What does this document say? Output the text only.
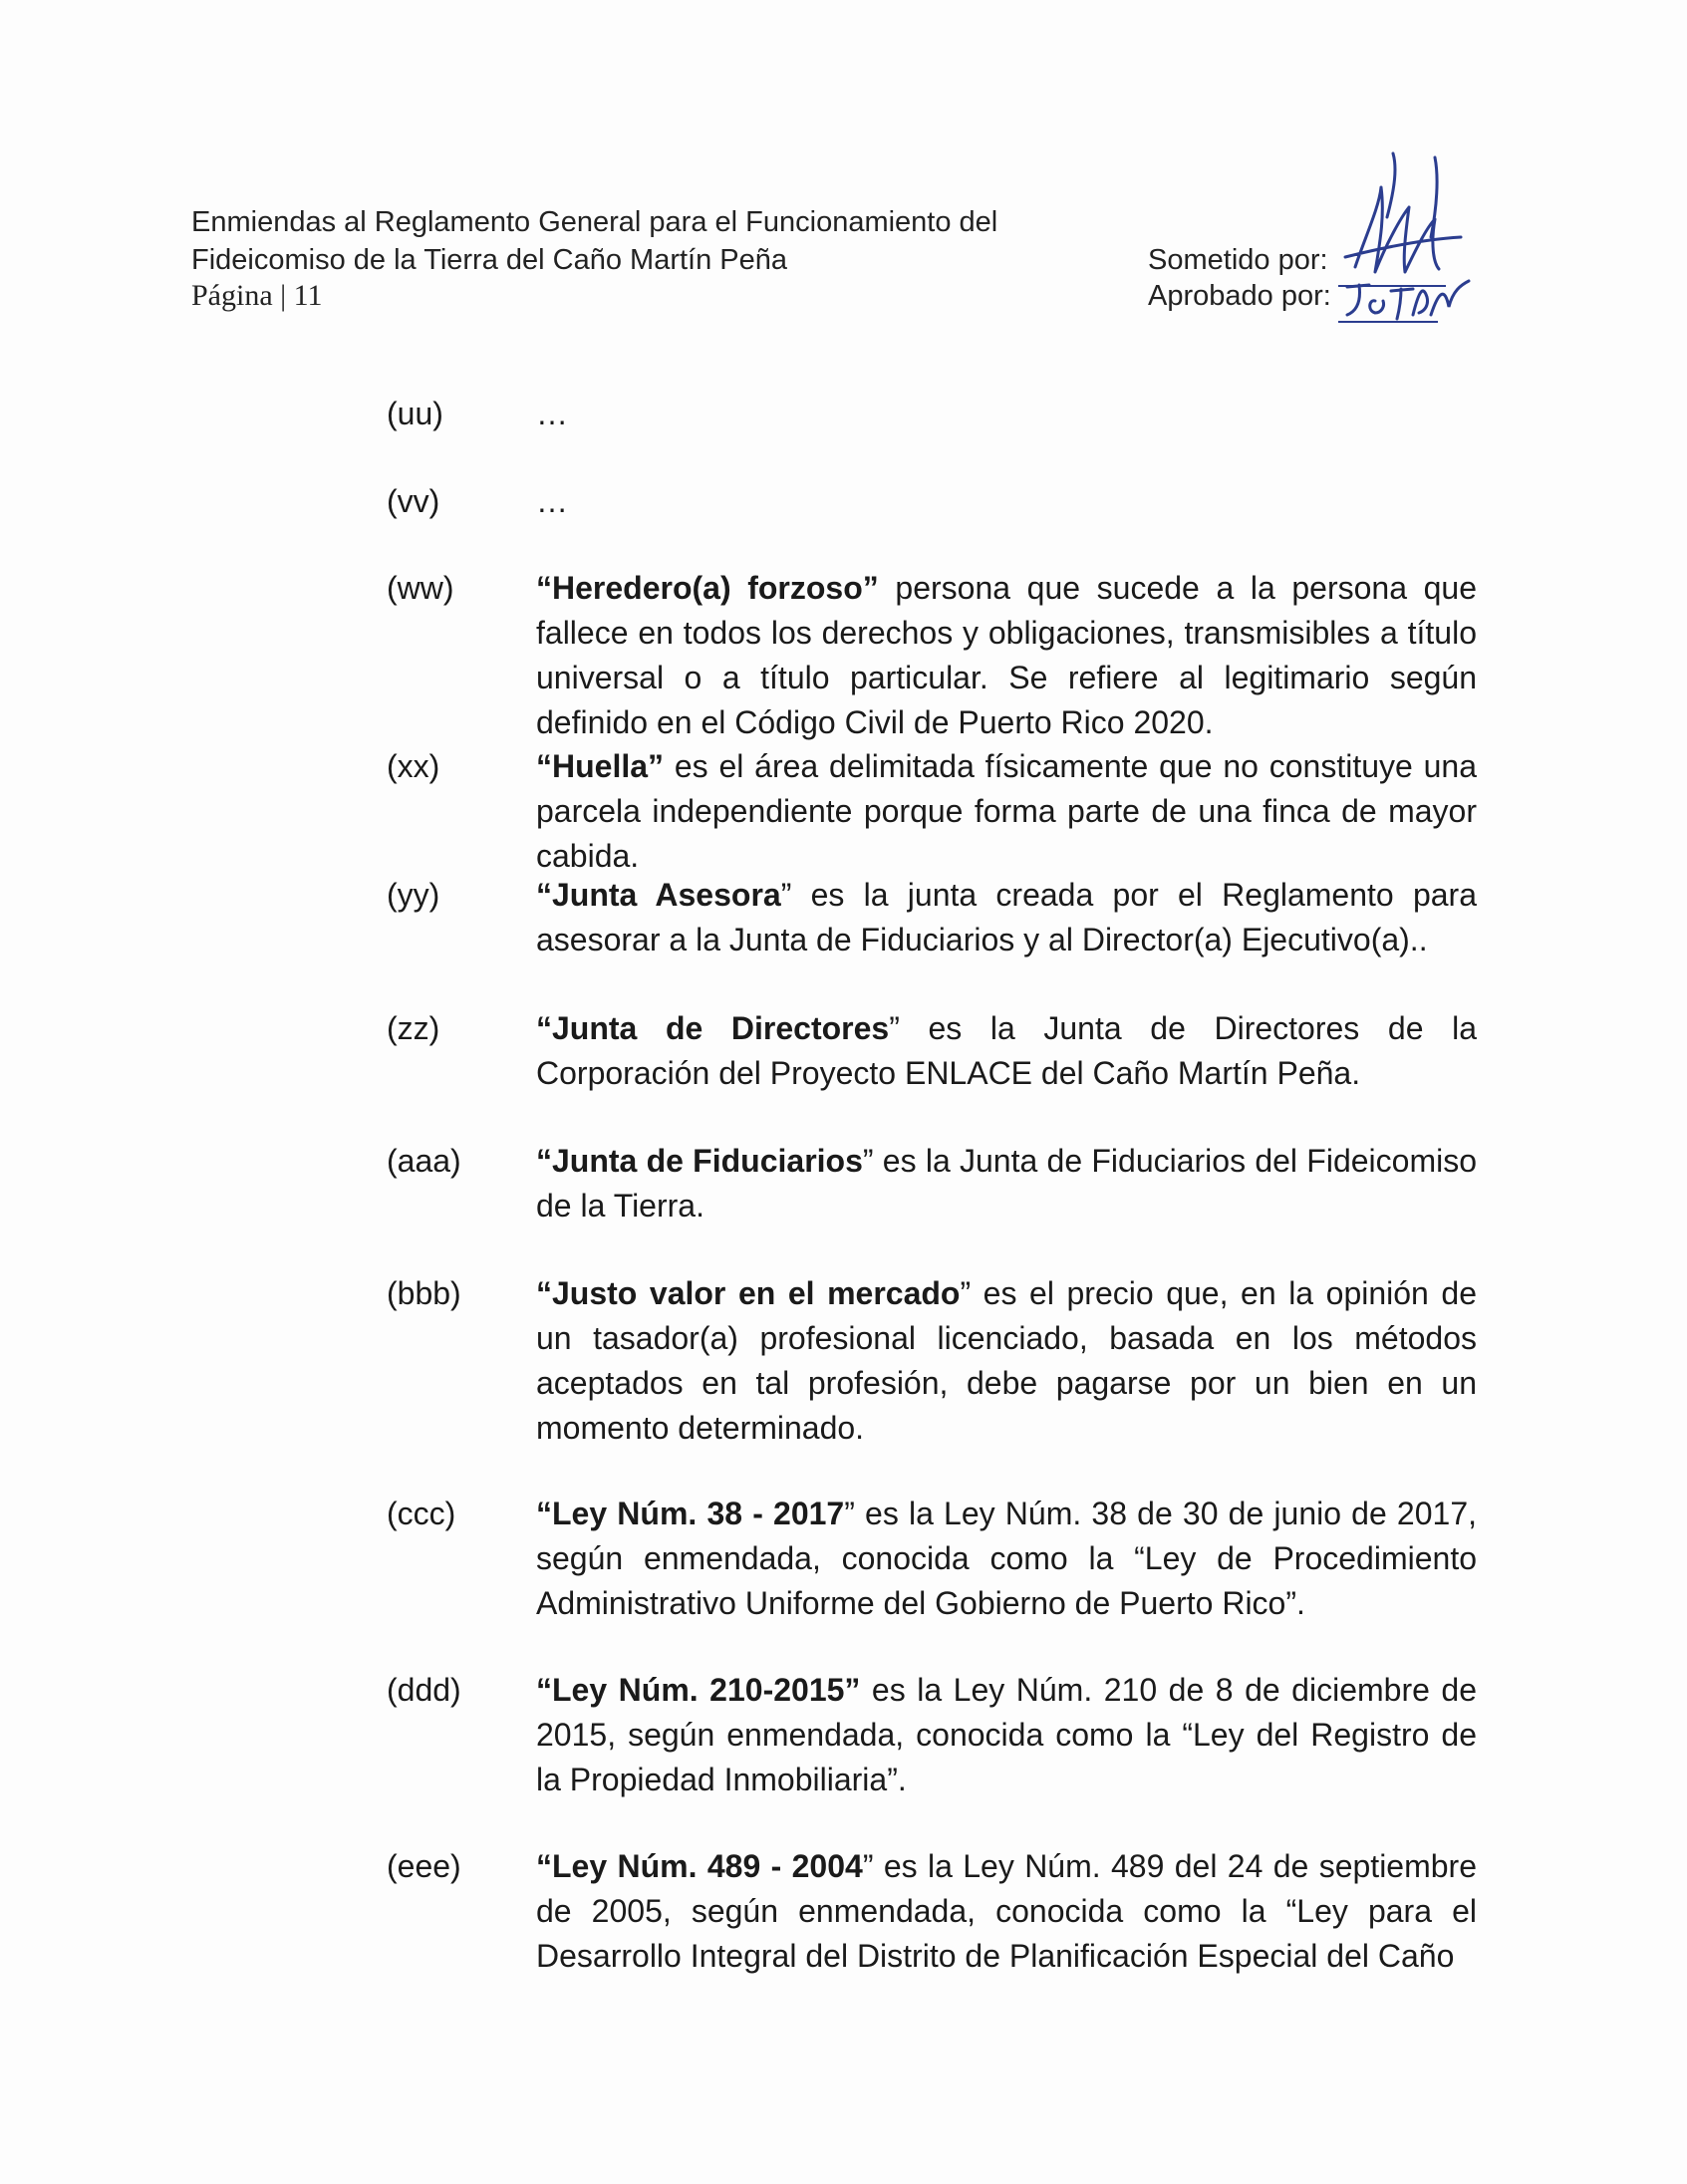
Enmiendas al Reglamento General para el Funcionamiento del
Fideicomiso de la Tierra del Caño Martín Peña
Página | 11
Sometido por:
Aprobado por:
(uu)	…
(vv)	…
(ww)	“Heredero(a) forzoso” persona que sucede a la persona que fallece en todos los derechos y obligaciones, transmisibles a título universal o a título particular. Se refiere al legitimario según definido en el Código Civil de Puerto Rico 2020.
(xx)	“Huella” es el área delimitada físicamente que no constituye una parcela independiente porque forma parte de una finca de mayor cabida.
(yy)	“Junta Asesora” es la junta creada por el Reglamento para asesorar a la Junta de Fiduciarios y al Director(a) Ejecutivo(a)..
(zz)	“Junta de Directores” es la Junta de Directores de la Corporación del Proyecto ENLACE del Caño Martín Peña.
(aaa) “Junta de Fiduciarios” es la Junta de Fiduciarios del Fideicomiso de la Tierra.
(bbb) “Justo valor en el mercado” es el precio que, en la opinión de un tasador(a) profesional licenciado, basada en los métodos aceptados en tal profesión, debe pagarse por un bien en un momento determinado.
(ccc)	“Ley Núm. 38 - 2017” es la Ley Núm. 38 de 30 de junio de 2017, según enmendada, conocida como la “Ley de Procedimiento Administrativo Uniforme del Gobierno de Puerto Rico”.
(ddd) “Ley Núm. 210-2015” es la Ley Núm. 210 de 8 de diciembre de 2015, según enmendada, conocida como la “Ley del Registro de la Propiedad Inmobiliaria”.
(eee) “Ley Núm. 489 - 2004” es la Ley Núm. 489 del 24 de septiembre de 2005, según enmendada, conocida como la “Ley para el Desarrollo Integral del Distrito de Planificación Especial del Caño
